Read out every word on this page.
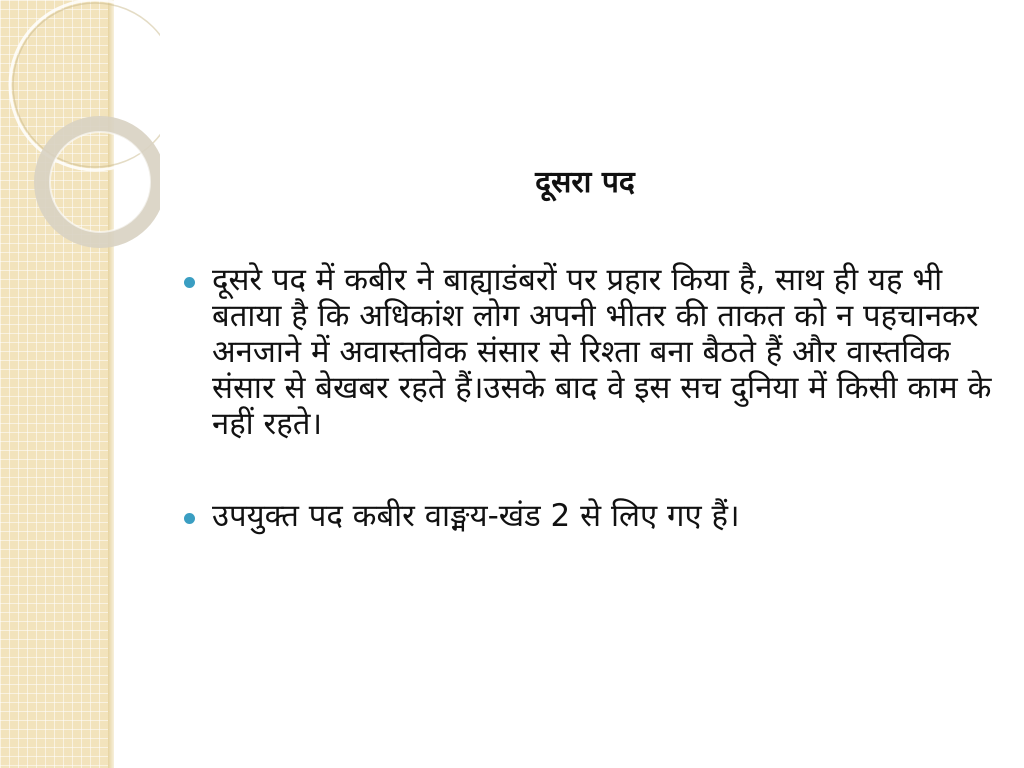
दूसरा पद
दूसरे पद में कबीर ने बाह्याडंबरों पर प्रहार किया है, साथ ही यह भी बताया है कि अधिकांश लोग अपनी भीतर की ताकत को न पहचानकर अनजाने में अवास्तविक संसार से रिश्ता बना बैठते हैं और वास्तविक संसार से बेखबर रहते हैं।उसके बाद वे इस सच दुनिया में किसी काम के नहीं रहते।
उपयुक्त पद कबीर वाङ्मय-खंड 2 से लिए गए हैं।
